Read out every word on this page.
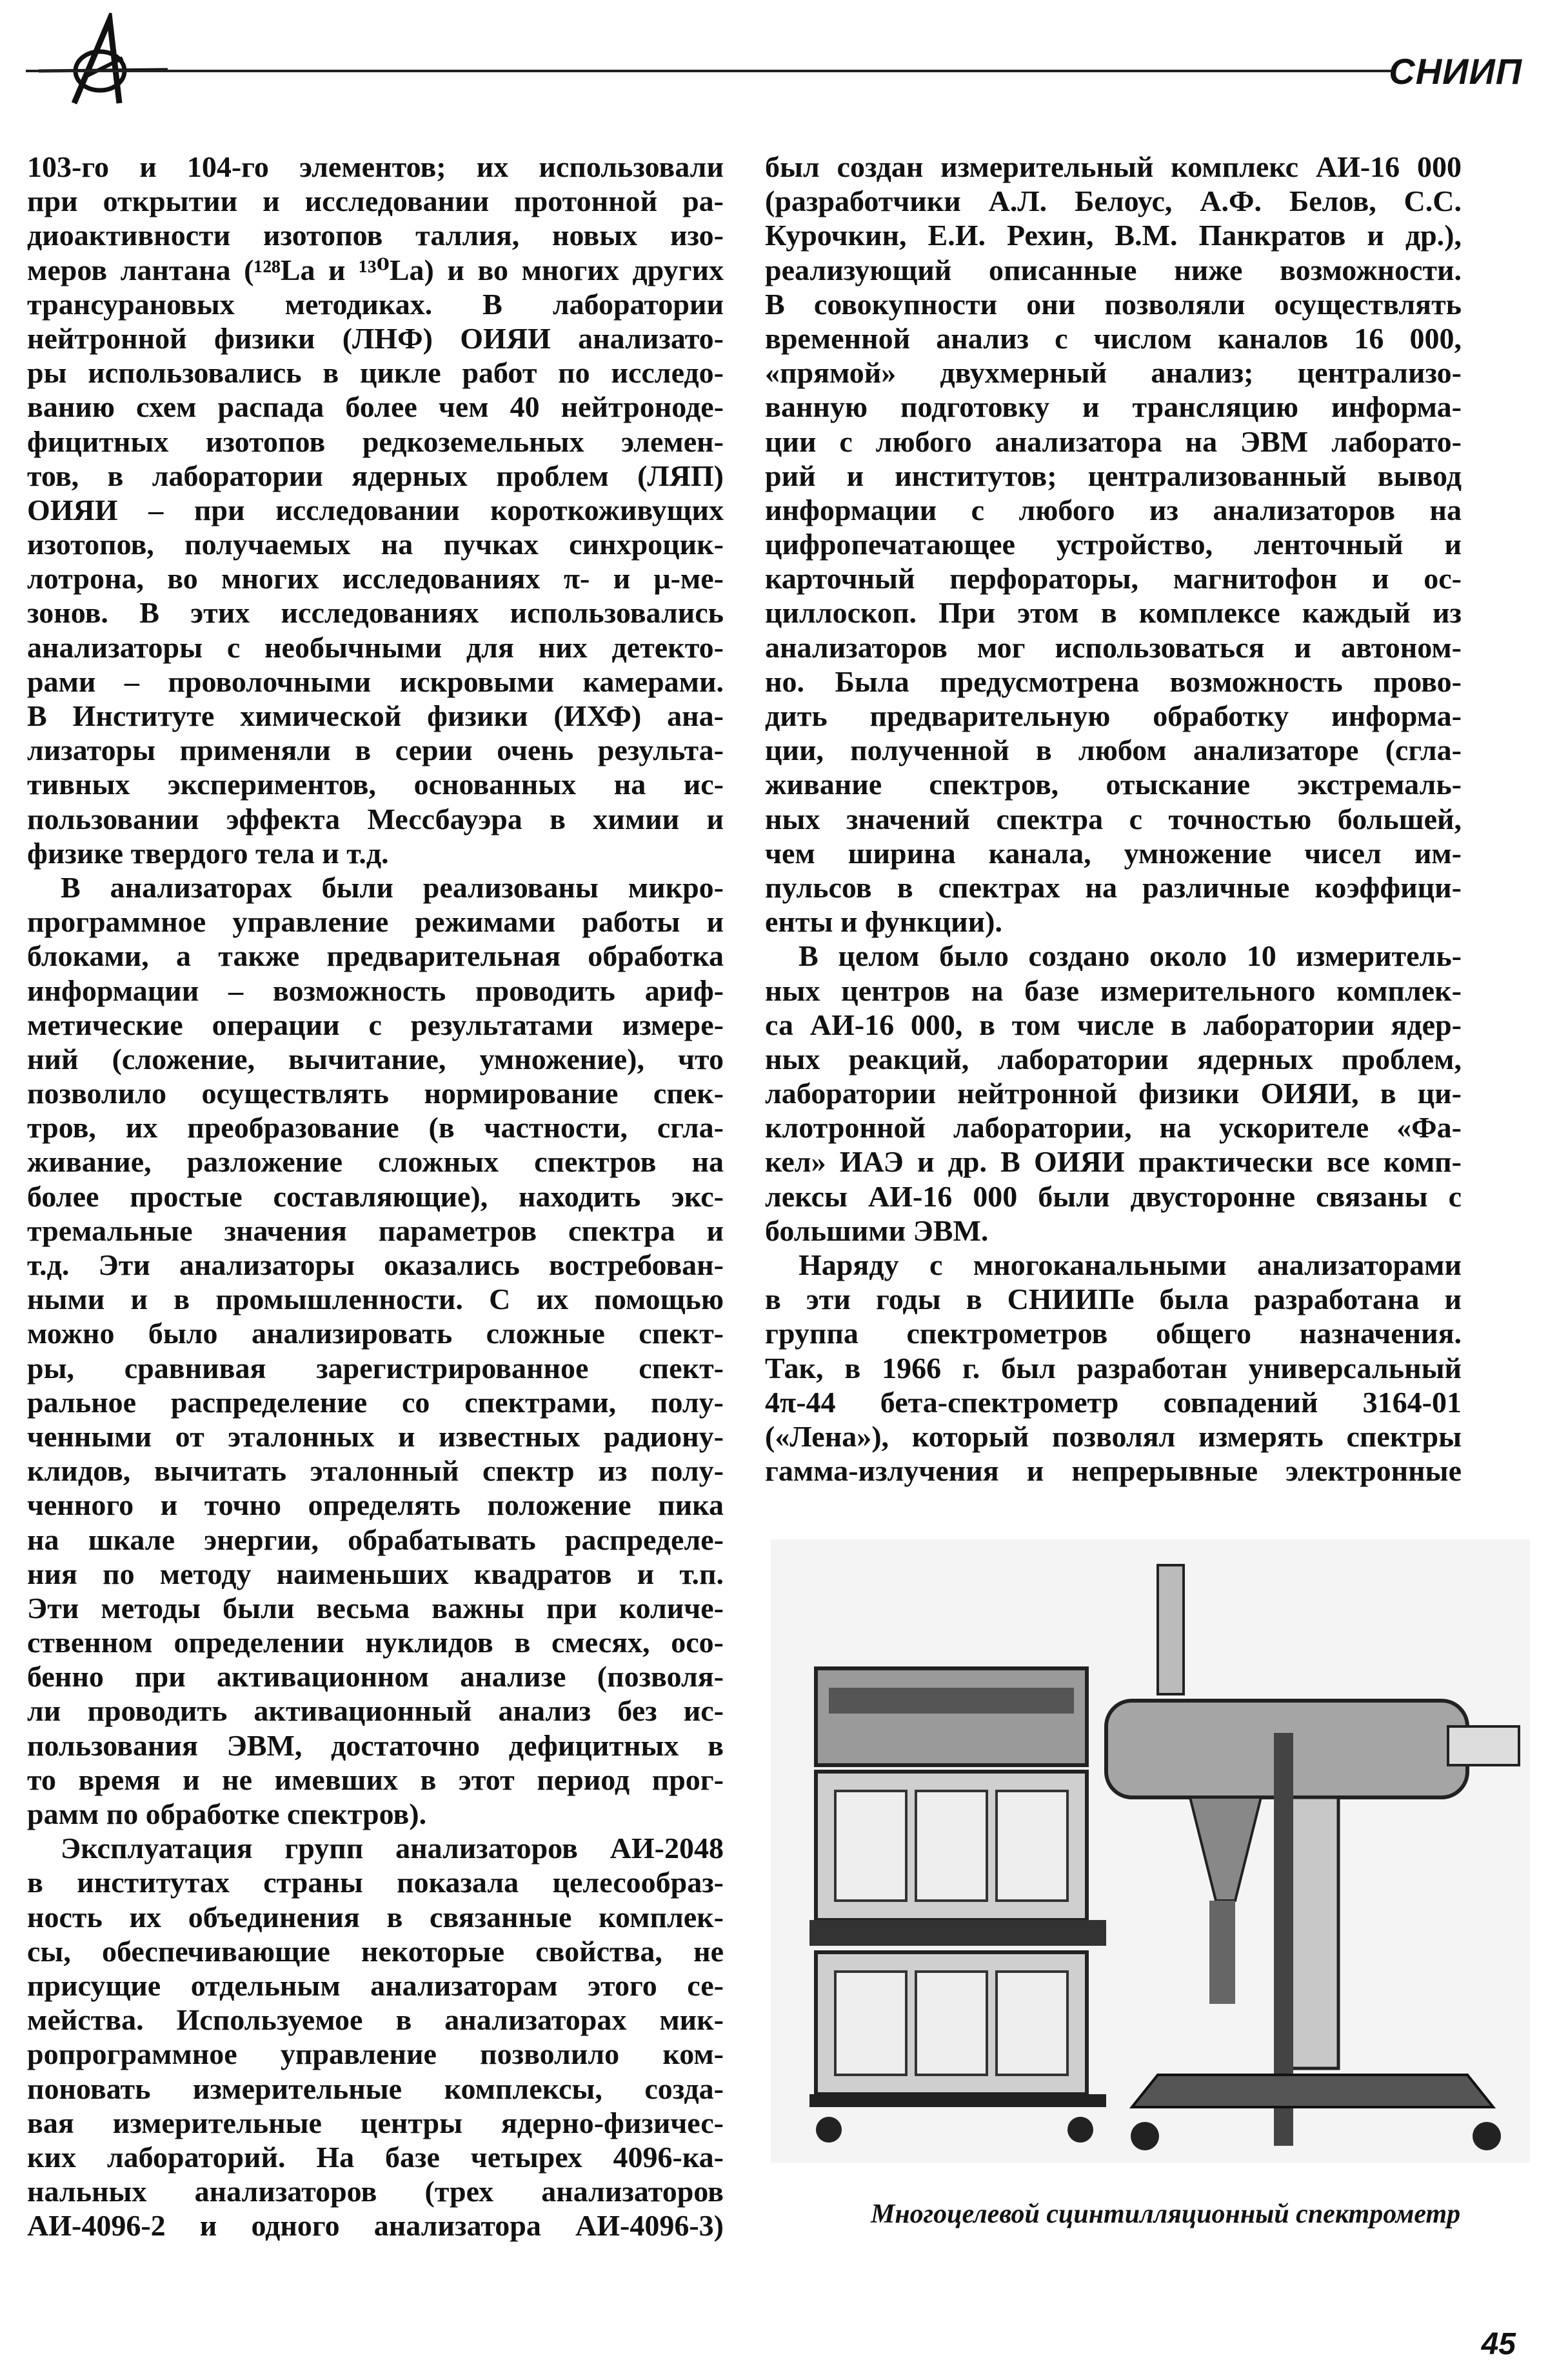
СНИИП
103-го и 104-го элементов; их использовали
при открытии и исследовании протонной ра-
диоактивности изотопов таллия, новых изо-
меров лантана (¹²⁸La и ¹³⁰La) и во многих других
трансурановых методиках. В лаборатории
нейтронной физики (ЛНФ) ОИЯИ анализато-
ры использовались в цикле работ по исследо-
ванию схем распада более чем 40 нейтроноде-
фицитных изотопов редкоземельных элемен-
тов, в лаборатории ядерных проблем (ЛЯП)
ОИЯИ – при исследовании короткоживущих
изотопов, получаемых на пучках синхроцик-
лотрона, во многих исследованиях π- и μ-ме-
зонов. В этих исследованиях использовались
анализаторы с необычными для них детекто-
рами – проволочными искровыми камерами.
В Институте химической физики (ИХФ) ана-
лизаторы применяли в серии очень результа-
тивных экспериментов, основанных на ис-
пользовании эффекта Мессбауэра в химии и
физике твердого тела и т.д.
В анализаторах были реализованы микро-
программное управление режимами работы и
блоками, а также предварительная обработка
информации – возможность проводить ариф-
метические операции с результатами измере-
ний (сложение, вычитание, умножение), что
позволило осуществлять нормирование спек-
тров, их преобразование (в частности, сгла-
живание, разложение сложных спектров на
более простые составляющие), находить экс-
тремальные значения параметров спектра и
т.д. Эти анализаторы оказались востребован-
ными и в промышленности. С их помощью
можно было анализировать сложные спект-
ры, сравнивая зарегистрированное спект-
ральное распределение со спектрами, полу-
ченными от эталонных и известных радиону-
клидов, вычитать эталонный спектр из полу-
ченного и точно определять положение пика
на шкале энергии, обрабатывать распределе-
ния по методу наименьших квадратов и т.п.
Эти методы были весьма важны при количе-
ственном определении нуклидов в смесях, осо-
бенно при активационном анализе (позволя-
ли проводить активационный анализ без ис-
пользования ЭВМ, достаточно дефицитных в
то время и не имевших в этот период прог-
рамм по обработке спектров).
Эксплуатация групп анализаторов АИ-2048
в институтах страны показала целесообраз-
ность их объединения в связанные комплек-
сы, обеспечивающие некоторые свойства, не
присущие отдельным анализаторам этого се-
мейства. Используемое в анализаторах мик-
ропрограммное управление позволило ком-
поновать измерительные комплексы, созда-
вая измерительные центры ядерно-физичес-
ких лабораторий. На базе четырех 4096-ка-
нальных анализаторов (трех анализаторов
АИ-4096-2 и одного анализатора АИ-4096-3)
был создан измерительный комплекс АИ-16 000
(разработчики А.Л. Белоус, А.Ф. Белов, С.С.
Курочкин, Е.И. Рехин, В.М. Панкратов и др.),
реализующий описанные ниже возможности.
В совокупности они позволяли осуществлять
временной анализ с числом каналов 16 000,
«прямой» двухмерный анализ; централизо-
ванную подготовку и трансляцию информа-
ции с любого анализатора на ЭВМ лаборато-
рий и институтов; централизованный вывод
информации с любого из анализаторов на
цифропечатающее устройство, ленточный и
карточный перфораторы, магнитофон и ос-
циллоскоп. При этом в комплексе каждый из
анализаторов мог использоваться и автоном-
но. Была предусмотрена возможность прово-
дить предварительную обработку информа-
ции, полученной в любом анализаторе (сгла-
живание спектров, отыскание экстремаль-
ных значений спектра с точностью большей,
чем ширина канала, умножение чисел им-
пульсов в спектрах на различные коэффици-
енты и функции).
В целом было создано около 10 измеритель-
ных центров на базе измерительного комплек-
са АИ-16 000, в том числе в лаборатории ядер-
ных реакций, лаборатории ядерных проблем,
лаборатории нейтронной физики ОИЯИ, в ци-
клотронной лаборатории, на ускорителе «Фа-
кел» ИАЭ и др. В ОИЯИ практически все комп-
лексы АИ-16 000 были двусторонне связаны с
большими ЭВМ.
Наряду с многоканальными анализаторами
в эти годы в СНИИПе была разработана и
группа спектрометров общего назначения.
Так, в 1966 г. был разработан универсальный
4π-44 бета-спектрометр совпадений 3164-01
(«Лена»), который позволял измерять спектры
гамма-излучения и непрерывные электронные
Многоцелевой сцинтилляционный спектрометр
45
